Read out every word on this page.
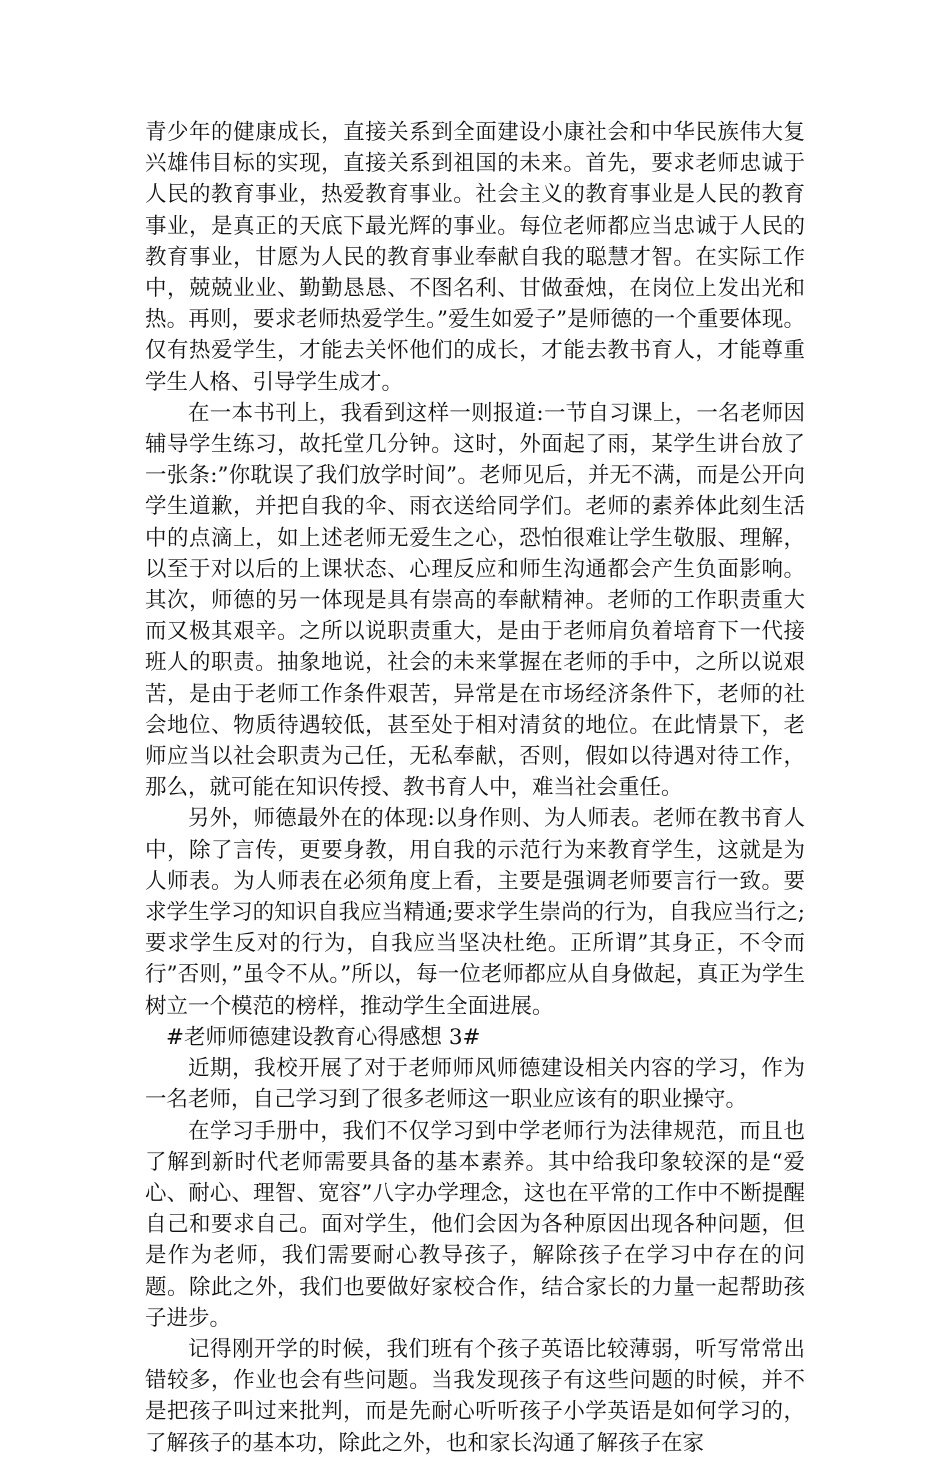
青少年的健康成长，直接关系到全面建设小康社会和中华民族伟大复兴雄伟目标的实现，直接关系到祖国的未来。首先，要求老师忠诚于人民的教育事业，热爱教育事业。社会主义的教育事业是人民的教育事业，是真正的天底下最光辉的事业。每位老师都应当忠诚于人民的教育事业，甘愿为人民的教育事业奉献自我的聪慧才智。在实际工作中，兢兢业业、勤勤恳恳、不图名利、甘做蚕烛，在岗位上发出光和热。再则，要求老师热爱学生。”爱生如爱子”是师德的一个重要体现。仅有热爱学生，才能去关怀他们的成长，才能去教书育人，才能尊重学生人格、引导学生成才。

在一本书刊上，我看到这样一则报道:一节自习课上，一名老师因辅导学生练习，故托堂几分钟。这时，外面起了雨，某学生讲台放了一张条:”你耽误了我们放学时间”。老师见后，并无不满，而是公开向学生道歉，并把自我的伞、雨衣送给同学们。老师的素养体此刻生活中的点滴上，如上述老师无爱生之心，恐怕很难让学生敬服、理解，以至于对以后的上课状态、心理反应和师生沟通都会产生负面影响。其次，师德的另一体现是具有崇高的奉献精神。老师的工作职责重大而又极其艰辛。之所以说职责重大，是由于老师肩负着培育下一代接班人的职责。抽象地说，社会的未来掌握在老师的手中，之所以说艰苦，是由于老师工作条件艰苦，异常是在市场经济条件下，老师的社会地位、物质待遇较低，甚至处于相对清贫的地位。在此情景下，老师应当以社会职责为己任，无私奉献，否则，假如以待遇对待工作，那么，就可能在知识传授、教书育人中，难当社会重任。

另外，师德最外在的体现:以身作则、为人师表。老师在教书育人中，除了言传，更要身教，用自我的示范行为来教育学生，这就是为人师表。为人师表在必须角度上看，主要是强调老师要言行一致。要求学生学习的知识自我应当精通;要求学生崇尚的行为，自我应当行之;要求学生反对的行为，自我应当坚决杜绝。正所谓”其身正，不令而行”否则，”虽令不从。”所以，每一位老师都应从自身做起，真正为学生树立一个模范的榜样，推动学生全面进展。

#老师师德建设教育心得感想 3#

近期，我校开展了对于老师师风师德建设相关内容的学习，作为一名老师，自己学习到了很多老师这一职业应该有的职业操守。

在学习手册中，我们不仅学习到中学老师行为法律规范，而且也了解到新时代老师需要具备的基本素养。其中给我印象较深的是“爱心、耐心、理智、宽容”八字办学理念，这也在平常的工作中不断提醒自己和要求自己。面对学生，他们会因为各种原因出现各种问题，但是作为老师，我们需要耐心教导孩子，解除孩子在学习中存在的问题。除此之外，我们也要做好家校合作，结合家长的力量一起帮助孩子进步。

记得刚开学的时候，我们班有个孩子英语比较薄弱，听写常常出错较多，作业也会有些问题。当我发现孩子有这些问题的时候，并不是把孩子叫过来批判，而是先耐心听听孩子小学英语是如何学习的，了解孩子的基本功，除此之外，也和家长沟通了解孩子在家
